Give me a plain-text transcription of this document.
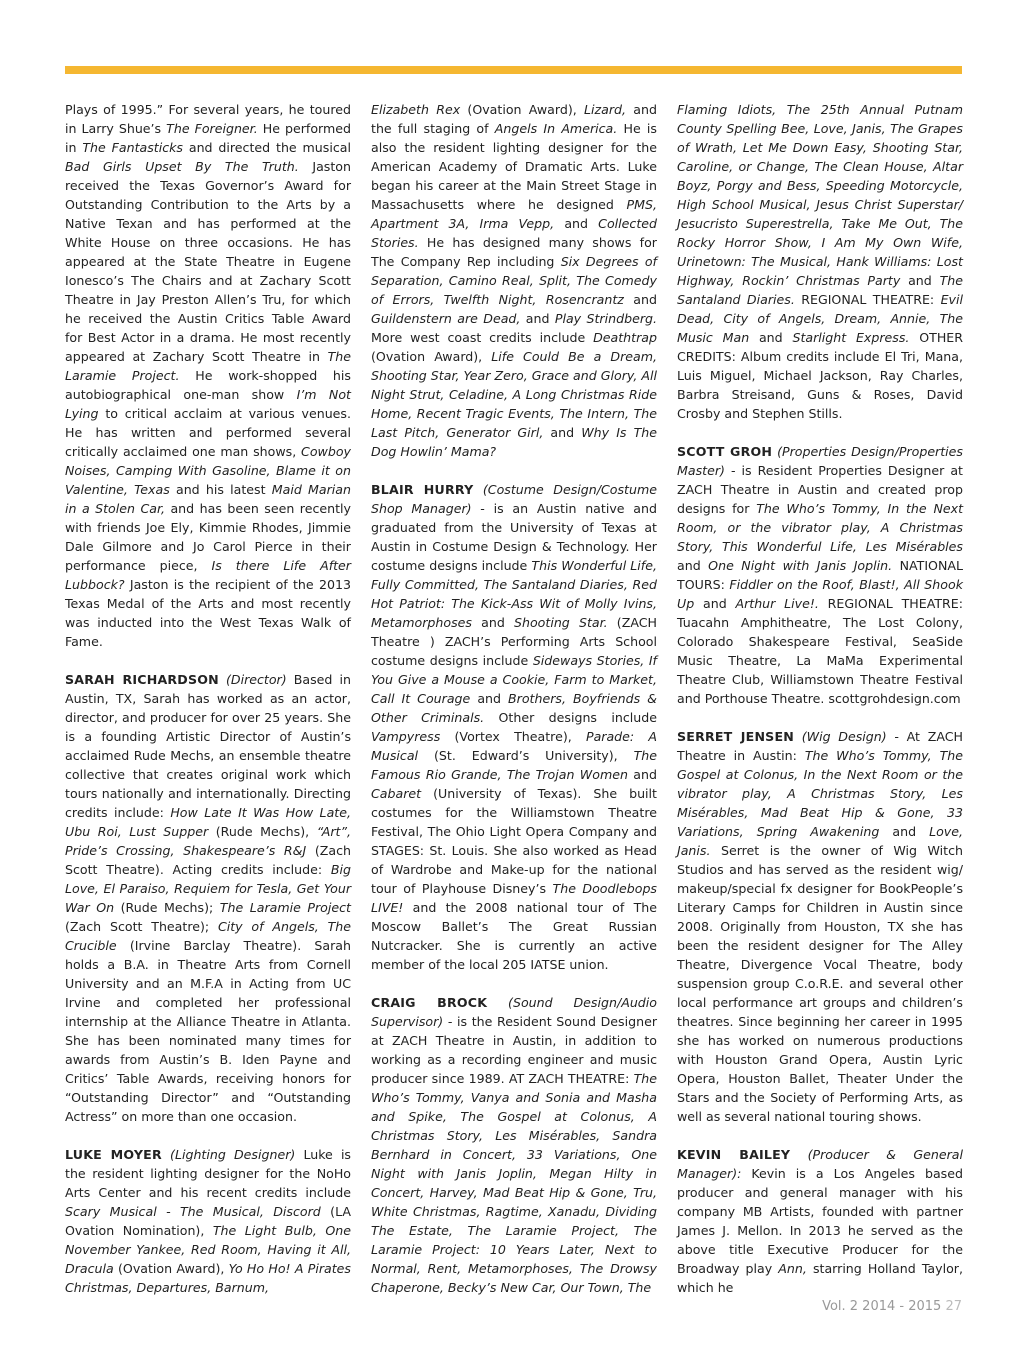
Plays of 1995.” For several years, he toured in Larry Shue’s The Foreigner. He performed in The Fantasticks and directed the musical Bad Girls Upset By The Truth. Jaston received the Texas Governor’s Award for Outstanding Contribution to the Arts by a Native Texan and has performed at the White House on three occasions. He has appeared at the State Theatre in Eugene Ionesco’s The Chairs and at Zachary Scott Theatre in Jay Preston Allen’s Tru, for which he received the Austin Critics Table Award for Best Actor in a drama. He most recently appeared at Zachary Scott Theatre in The Laramie Project. He work-shopped his autobiographical one-man show I’m Not Lying to critical acclaim at various venues. He has written and performed several critically acclaimed one man shows, Cowboy Noises, Camping With Gasoline, Blame it on Valentine, Texas and his latest Maid Marian in a Stolen Car, and has been seen recently with friends Joe Ely, Kimmie Rhodes, Jimmie Dale Gilmore and Jo Carol Pierce in their performance piece, Is there Life After Lubbock? Jaston is the recipient of the 2013 Texas Medal of the Arts and most recently was inducted into the West Texas Walk of Fame.

SARAH RICHARDSON (Director) Based in Austin, TX, Sarah has worked as an actor, director, and producer for over 25 years. She is a founding Artistic Director of Austin’s acclaimed Rude Mechs, an ensemble theatre collective that creates original work which tours nationally and internationally. Directing credits include: How Late It Was How Late, Ubu Roi, Lust Supper (Rude Mechs), “Art”, Pride’s Crossing, Shakespeare’s R&J (Zach Scott Theatre). Acting credits include: Big Love, El Paraiso, Requiem for Tesla, Get Your War On (Rude Mechs); The Laramie Project (Zach Scott Theatre); City of Angels, The Crucible (Irvine Barclay Theatre). Sarah holds a B.A. in Theatre Arts from Cornell University and an M.F.A in Acting from UC Irvine and completed her professional internship at the Alliance Theatre in Atlanta. She has been nominated many times for awards from Austin’s B. Iden Payne and Critics’ Table Awards, receiving honors for “Outstanding Director” and “Outstanding Actress” on more than one occasion.

LUKE MOYER (Lighting Designer) Luke is the resident lighting designer for the NoHo Arts Center and his recent credits include Scary Musical - The Musical, Discord (LA Ovation Nomination), The Light Bulb, One November Yankee, Red Room, Having it All, Dracula (Ovation Award), Yo Ho Ho! A Pirates Christmas, Departures, Barnum,

Elizabeth Rex (Ovation Award), Lizard, and the full staging of Angels In America. He is also the resident lighting designer for the American Academy of Dramatic Arts. Luke began his career at the Main Street Stage in Massachusetts where he designed PMS, Apartment 3A, Irma Vepp, and Collected Stories. He has designed many shows for The Company Rep including Six Degrees of Separation, Camino Real, Split, The Comedy of Errors, Twelfth Night, Rosencrantz and Guildenstern are Dead, and Play Strindberg. More west coast credits include Deathtrap (Ovation Award), Life Could Be a Dream, Shooting Star, Year Zero, Grace and Glory, All Night Strut, Celadine, A Long Christmas Ride Home, Recent Tragic Events, The Intern, The Last Pitch, Generator Girl, and Why Is The Dog Howlin’ Mama?

BLAIR HURRY (Costume Design/Costume Shop Manager) - is an Austin native and graduated from the University of Texas at Austin in Costume Design & Technology. Her costume designs include This Wonderful Life, Fully Committed, The Santaland Diaries, Red Hot Patriot: The Kick-Ass Wit of Molly Ivins, Metamorphoses and Shooting Star. (ZACH Theatre ) ZACH’s Performing Arts School costume designs include Sideways Stories, If You Give a Mouse a Cookie, Farm to Market, Call It Courage and Brothers, Boyfriends & Other Criminals. Other designs include Vampyress (Vortex Theatre), Parade: A Musical (St. Edward’s University), The Famous Rio Grande, The Trojan Women and Cabaret (University of Texas). She built costumes for the Williamstown Theatre Festival, The Ohio Light Opera Company and STAGES: St. Louis. She also worked as Head of Wardrobe and Make-up for the national tour of Playhouse Disney’s The Doodlebops LIVE! and the 2008 national tour of The Moscow Ballet’s The Great Russian Nutcracker. She is currently an active member of the local 205 IATSE union.

CRAIG BROCK (Sound Design/Audio Supervisor) - is the Resident Sound Designer at ZACH Theatre in Austin, in addition to working as a recording engineer and music producer since 1989. AT ZACH THEATRE: The Who’s Tommy, Vanya and Sonia and Masha and Spike, The Gospel at Colonus, A Christmas Story, Les Misérables, Sandra Bernhard in Concert, 33 Variations, One Night with Janis Joplin, Megan Hilty in Concert, Harvey, Mad Beat Hip & Gone, Tru, White Christmas, Ragtime, Xanadu, Dividing The Estate, The Laramie Project, The Laramie Project: 10 Years Later, Next to Normal, Rent, Metamorphoses, The Drowsy Chaperone, Becky’s New Car, Our Town, The

Flaming Idiots, The 25th Annual Putnam County Spelling Bee, Love, Janis, The Grapes of Wrath, Let Me Down Easy, Shooting Star, Caroline, or Change, The Clean House, Altar Boyz, Porgy and Bess, Speeding Motorcycle, High School Musical, Jesus Christ Superstar/ Jesucristo Superestrella, Take Me Out, The Rocky Horror Show, I Am My Own Wife, Urinetown: The Musical, Hank Williams: Lost Highway, Rockin’ Christmas Party and The Santaland Diaries. REGIONAL THEATRE: Evil Dead, City of Angels, Dream, Annie, The Music Man and Starlight Express. OTHER CREDITS: Album credits include El Tri, Mana, Luis Miguel, Michael Jackson, Ray Charles, Barbra Streisand, Guns & Roses, David Crosby and Stephen Stills.

SCOTT GROH (Properties Design/Properties Master) - is Resident Properties Designer at ZACH Theatre in Austin and created prop designs for The Who’s Tommy, In the Next Room, or the vibrator play, A Christmas Story, This Wonderful Life, Les Misérables and One Night with Janis Joplin. NATIONAL TOURS: Fiddler on the Roof, Blast!, All Shook Up and Arthur Live!. REGIONAL THEATRE: Tuacahn Amphitheatre, The Lost Colony, Colorado Shakespeare Festival, SeaSide Music Theatre, La MaMa Experimental Theatre Club, Williamstown Theatre Festival and Porthouse Theatre. scottgrohdesign.com

SERRET JENSEN (Wig Design) - At ZACH Theatre in Austin: The Who’s Tommy, The Gospel at Colonus, In the Next Room or the vibrator play, A Christmas Story, Les Misérables, Mad Beat Hip & Gone, 33 Variations, Spring Awakening and Love, Janis. Serret is the owner of Wig Witch Studios and has served as the resident wig/ makeup/special fx designer for BookPeople’s Literary Camps for Children in Austin since 2008. Originally from Houston, TX she has been the resident designer for The Alley Theatre, Divergence Vocal Theatre, body suspension group C.o.R.E. and several other local performance art groups and children’s theatres. Since beginning her career in 1995 she has worked on numerous productions with Houston Grand Opera, Austin Lyric Opera, Houston Ballet, Theater Under the Stars and the Society of Performing Arts, as well as several national touring shows.

KEVIN BAILEY (Producer & General Manager): Kevin is a Los Angeles based producer and general manager with his company MB Artists, founded with partner James J. Mellon. In 2013 he served as the above title Executive Producer for the Broadway play Ann, starring Holland Taylor, which he

Vol. 2 2014 - 2015 27
